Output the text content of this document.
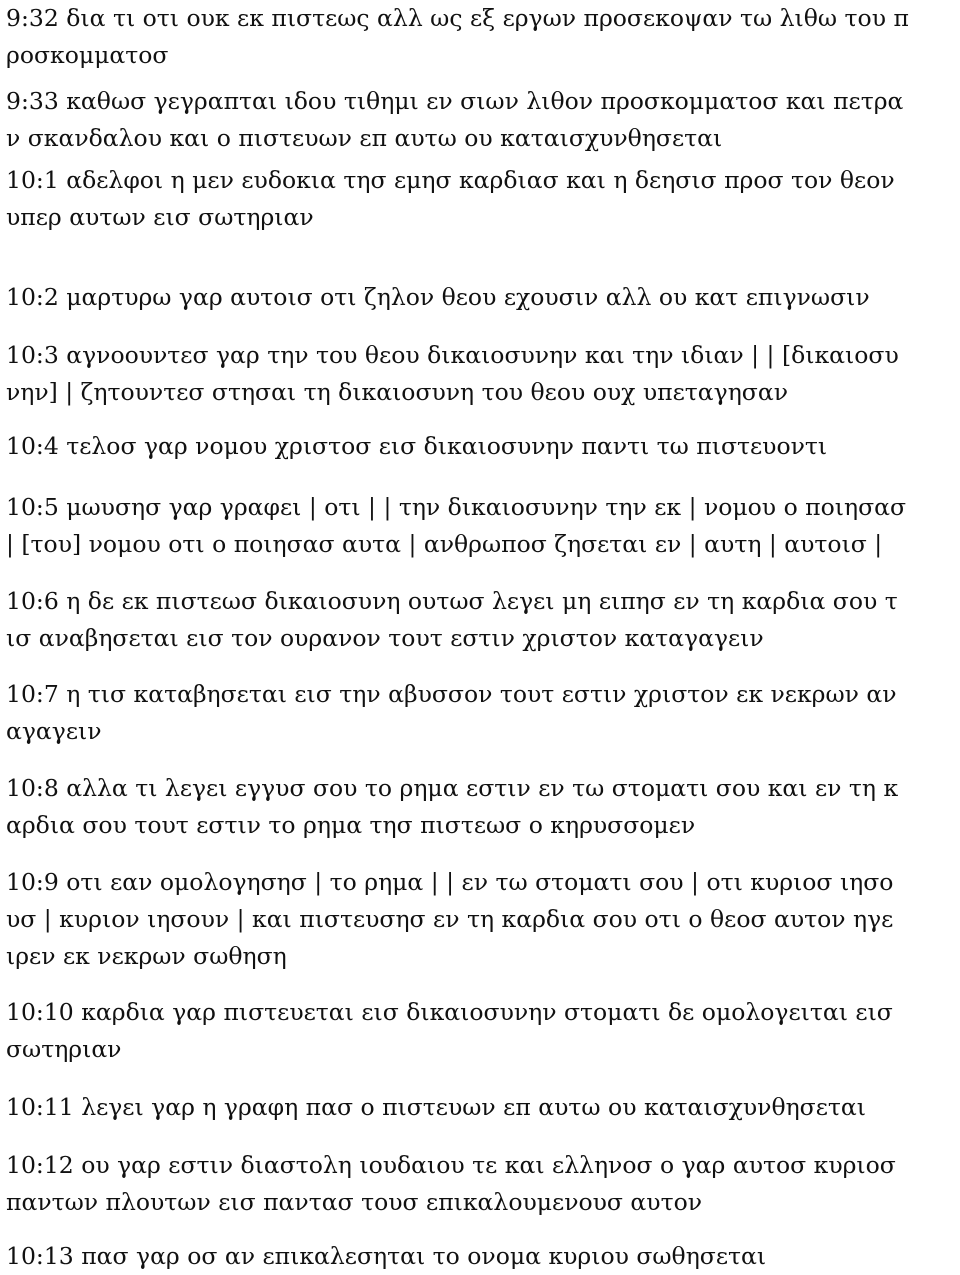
9:32 δια τι οτι ουκ εκ πιστεως αλλ ως εξ εργων προσεκοψαν τω λιθω του π
ροσκομματοσ
9:33 καθωσ γεγραπται ιδου τιθημι εν σιων λιθον προσκομματοσ και πετρα
ν σκανδαλου και ο πιστευων επ αυτω ου καταισχυνθησεται
10:1 αδελφοι η μεν ευδοκια τησ εμησ καρδιασ και η δεησισ προσ τον θεον
υπερ αυτων εισ σωτηριαν
10:2 μαρτυρω γαρ αυτοισ οτι ζηλον θεου εχουσιν αλλ ου κατ επιγνωσιν
10:3 αγνοουντεσ γαρ την του θεου δικαιοσυνην και την ιδιαν | | [δικαιοσυ
νην] | ζητουντεσ στησαι τη δικαιοσυνη του θεου ουχ υπεταγησαν
10:4 τελοσ γαρ νομου χριστοσ εισ δικαιοσυνην παντι τω πιστευοντι
10:5 μωυσησ γαρ γραφει | οτι | | την δικαιοσυνην την εκ | νομου ο ποιησασ
| [του] νομου οτι ο ποιησασ αυτα | ανθρωποσ ζησεται εν | αυτη | αυτοισ |
10:6 η δε εκ πιστεωσ δικαιοσυνη ουτωσ λεγει μη ειπησ εν τη καρδια σου τ
ισ αναβησεται εισ τον ουρανον τουτ εστιν χριστον καταγαγειν
10:7 η τισ καταβησεται εισ την αβυσσον τουτ εστιν χριστον εκ νεκρων αν
αγαγειν
10:8 αλλα τι λεγει εγγυσ σου το ρημα εστιν εν τω στοματι σου και εν τη κ
αρδια σου τουτ εστιν το ρημα τησ πιστεωσ ο κηρυσσομεν
10:9 οτι εαν ομολογησησ | το ρημα | | εν τω στοματι σου | οτι κυριοσ ιησο
υσ | κυριον ιησουν | και πιστευσησ εν τη καρδια σου οτι ο θεοσ αυτον ηγε
ιρεν εκ νεκρων σωθηση
10:10 καρδια γαρ πιστευεται εισ δικαιοσυνην στοματι δε ομολογειται εισ
σωτηριαν
10:11 λεγει γαρ η γραφη πασ ο πιστευων επ αυτω ου καταισχυνθησεται
10:12 ου γαρ εστιν διαστολη ιουδαιου τε και ελληνοσ ο γαρ αυτοσ κυριοσ
παντων πλουτων εισ παντασ τουσ επικαλουμενουσ αυτον
10:13 πασ γαρ οσ αν επικαλεσηται το ονομα κυριου σωθησεται
